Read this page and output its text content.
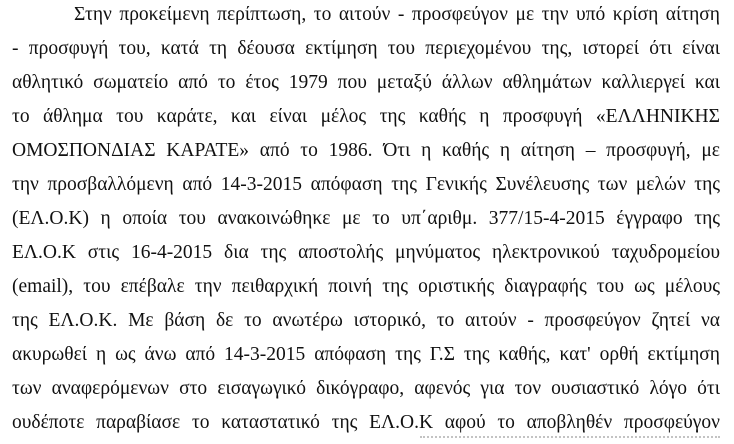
Στην προκείμενη περίπτωση, το αιτούν - προσφεύγον με την υπό κρίση αίτηση
- προσφυγή του, κατά τη δέουσα εκτίμηση του περιεχομένου της, ιστορεί ότι είναι
αθλητικό σωματείο από το έτος 1979 που μεταξύ άλλων αθλημάτων καλλιεργεί και
το άθλημα του καράτε, και είναι μέλος της καθής η προσφυγή «ΕΛΛΗΝΙΚΗΣ
ΟΜΟΣΠΟΝΔΙΑΣ ΚΑΡΑΤΕ» από το 1986. Ότι η καθής η αίτηση – προσφυγή, με
την προσβαλλόμενη από 14-3-2015 απόφαση της Γενικής Συνέλευσης των μελών της
(ΕΛ.Ο.Κ) η οποία του ανακοινώθηκε με το υπ΄αριθμ. 377/15-4-2015 έγγραφο της
ΕΛ.Ο.Κ στις 16-4-2015 δια της αποστολής μηνύματος ηλεκτρονικού ταχυδρομείου
(email), του επέβαλε την πειθαρχική ποινή της οριστικής διαγραφής του ως μέλους
της ΕΛ.Ο.Κ. Με βάση δε το ανωτέρω ιστορικό, το αιτούν - προσφεύγον ζητεί να
ακυρωθεί η ως άνω από 14-3-2015 απόφαση της Γ.Σ της καθής, κατ' ορθή εκτίμηση
των αναφερόμενων στο εισαγωγικό δικόγραφο, αφενός για τον ουσιαστικό λόγο ότι
ουδέποτε παραβίασε το καταστατικό της ΕΛ.Ο.Κ αφού το αποβληθέν προσφεύγον
